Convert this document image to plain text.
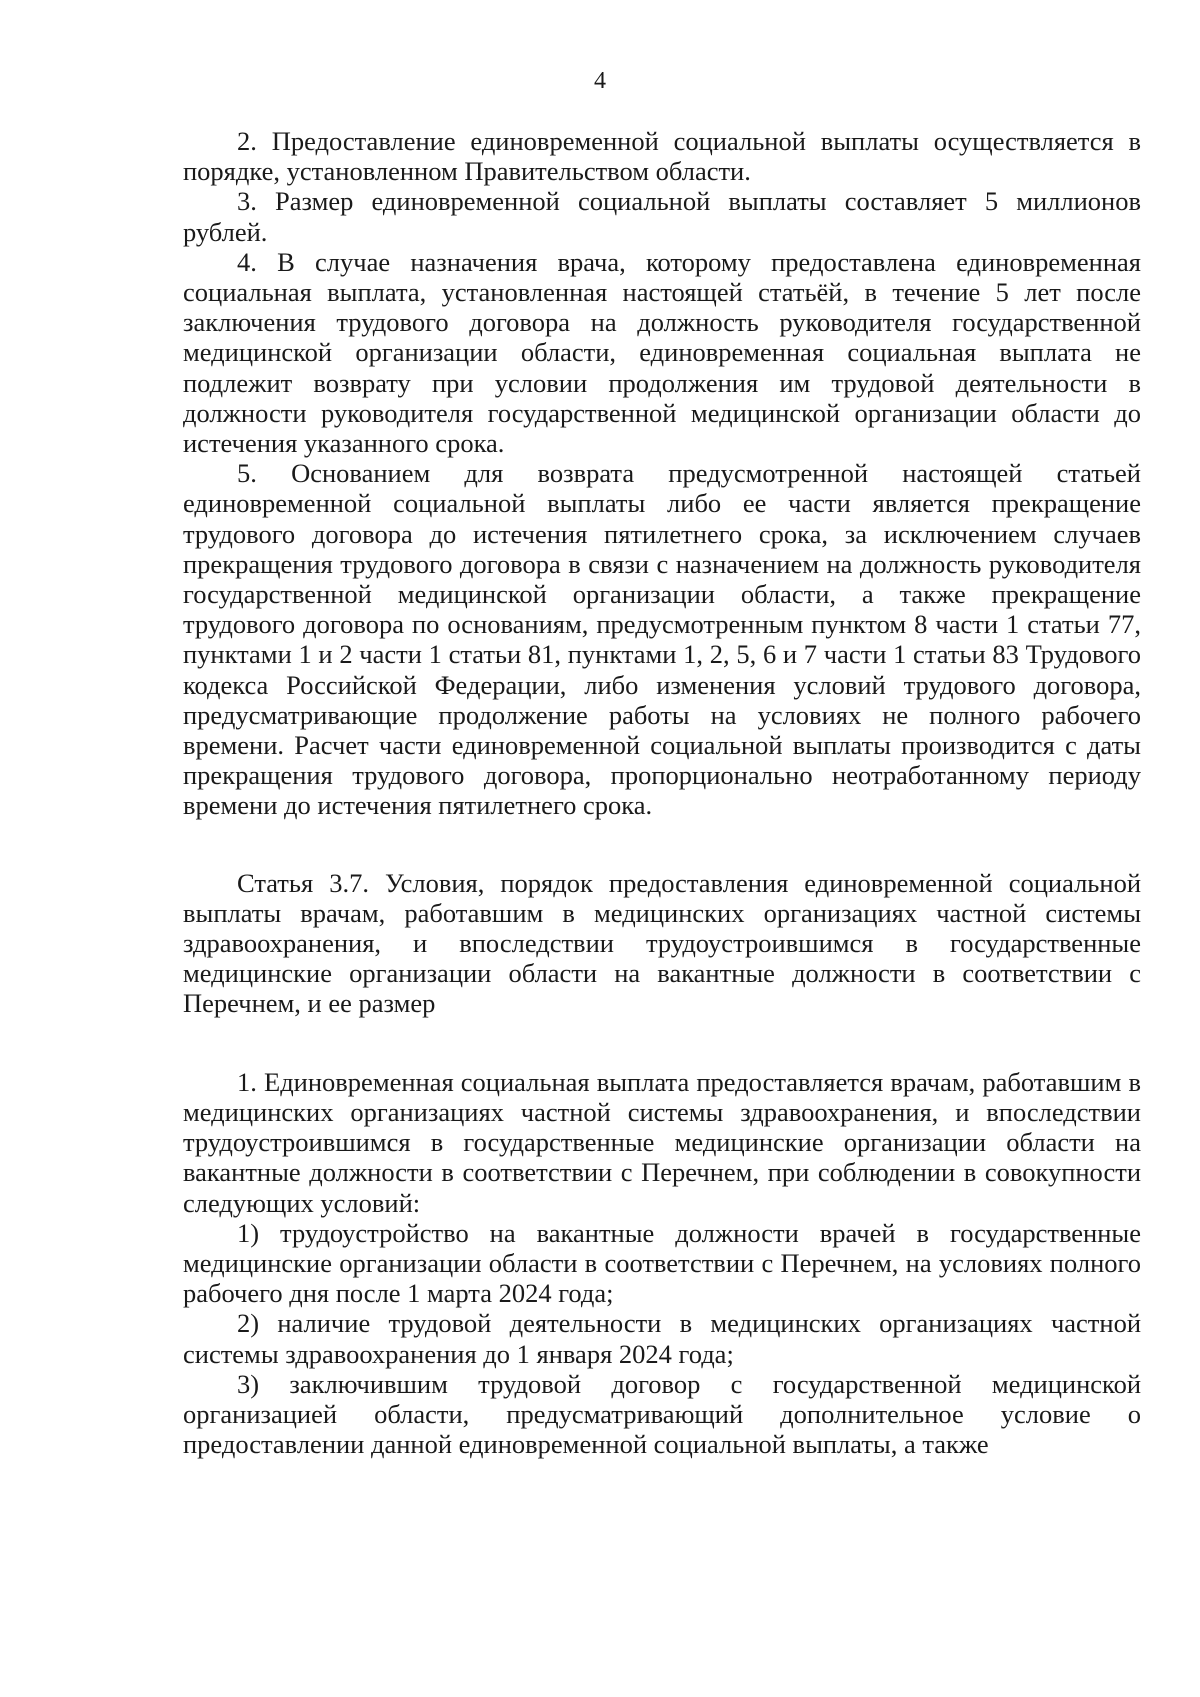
4

2. Предоставление единовременной социальной выплаты осуществляется в порядке, установленном Правительством области.

3. Размер единовременной социальной выплаты составляет 5 миллионов рублей.

4. В случае назначения врача, которому предоставлена единовременная социальная выплата, установленная настоящей статьёй, в течение 5 лет после заключения трудового договора на должность руководителя государственной медицинской организации области, единовременная социальная выплата не подлежит возврату при условии продолжения им трудовой деятельности в должности руководителя государственной медицинской организации области до истечения указанного срока.

5. Основанием для возврата предусмотренной настоящей статьей единовременной социальной выплаты либо ее части является прекращение трудового договора до истечения пятилетнего срока, за исключением случаев прекращения трудового договора в связи с назначением на должность руководителя государственной медицинской организации области, а также прекращение трудового договора по основаниям, предусмотренным пунктом 8 части 1 статьи 77, пунктами 1 и 2 части 1 статьи 81, пунктами 1, 2, 5, 6 и 7 части 1 статьи 83 Трудового кодекса Российской Федерации, либо изменения условий трудового договора, предусматривающие продолжение работы на условиях не полного рабочего времени. Расчет части единовременной социальной выплаты производится с даты прекращения трудового договора, пропорционально неотработанному периоду времени до истечения пятилетнего срока.

Статья 3.7. Условия, порядок предоставления единовременной социальной выплаты врачам, работавшим в медицинских организациях частной системы здравоохранения, и впоследствии трудоустроившимся в государственные медицинские организации области на вакантные должности в соответствии с Перечнем, и ее размер

1. Единовременная социальная выплата предоставляется врачам, работавшим в медицинских организациях частной системы здравоохранения, и впоследствии трудоустроившимся в государственные медицинские организации области на вакантные должности в соответствии с Перечнем, при соблюдении в совокупности следующих условий:

1) трудоустройство на вакантные должности врачей в государственные медицинские организации области в соответствии с Перечнем, на условиях полного рабочего дня после 1 марта 2024 года;

2) наличие трудовой деятельности в медицинских организациях частной системы здравоохранения до 1 января 2024 года;

3) заключившим трудовой договор с государственной медицинской организацией области, предусматривающий дополнительное условие о предоставлении данной единовременной социальной выплаты, а также
